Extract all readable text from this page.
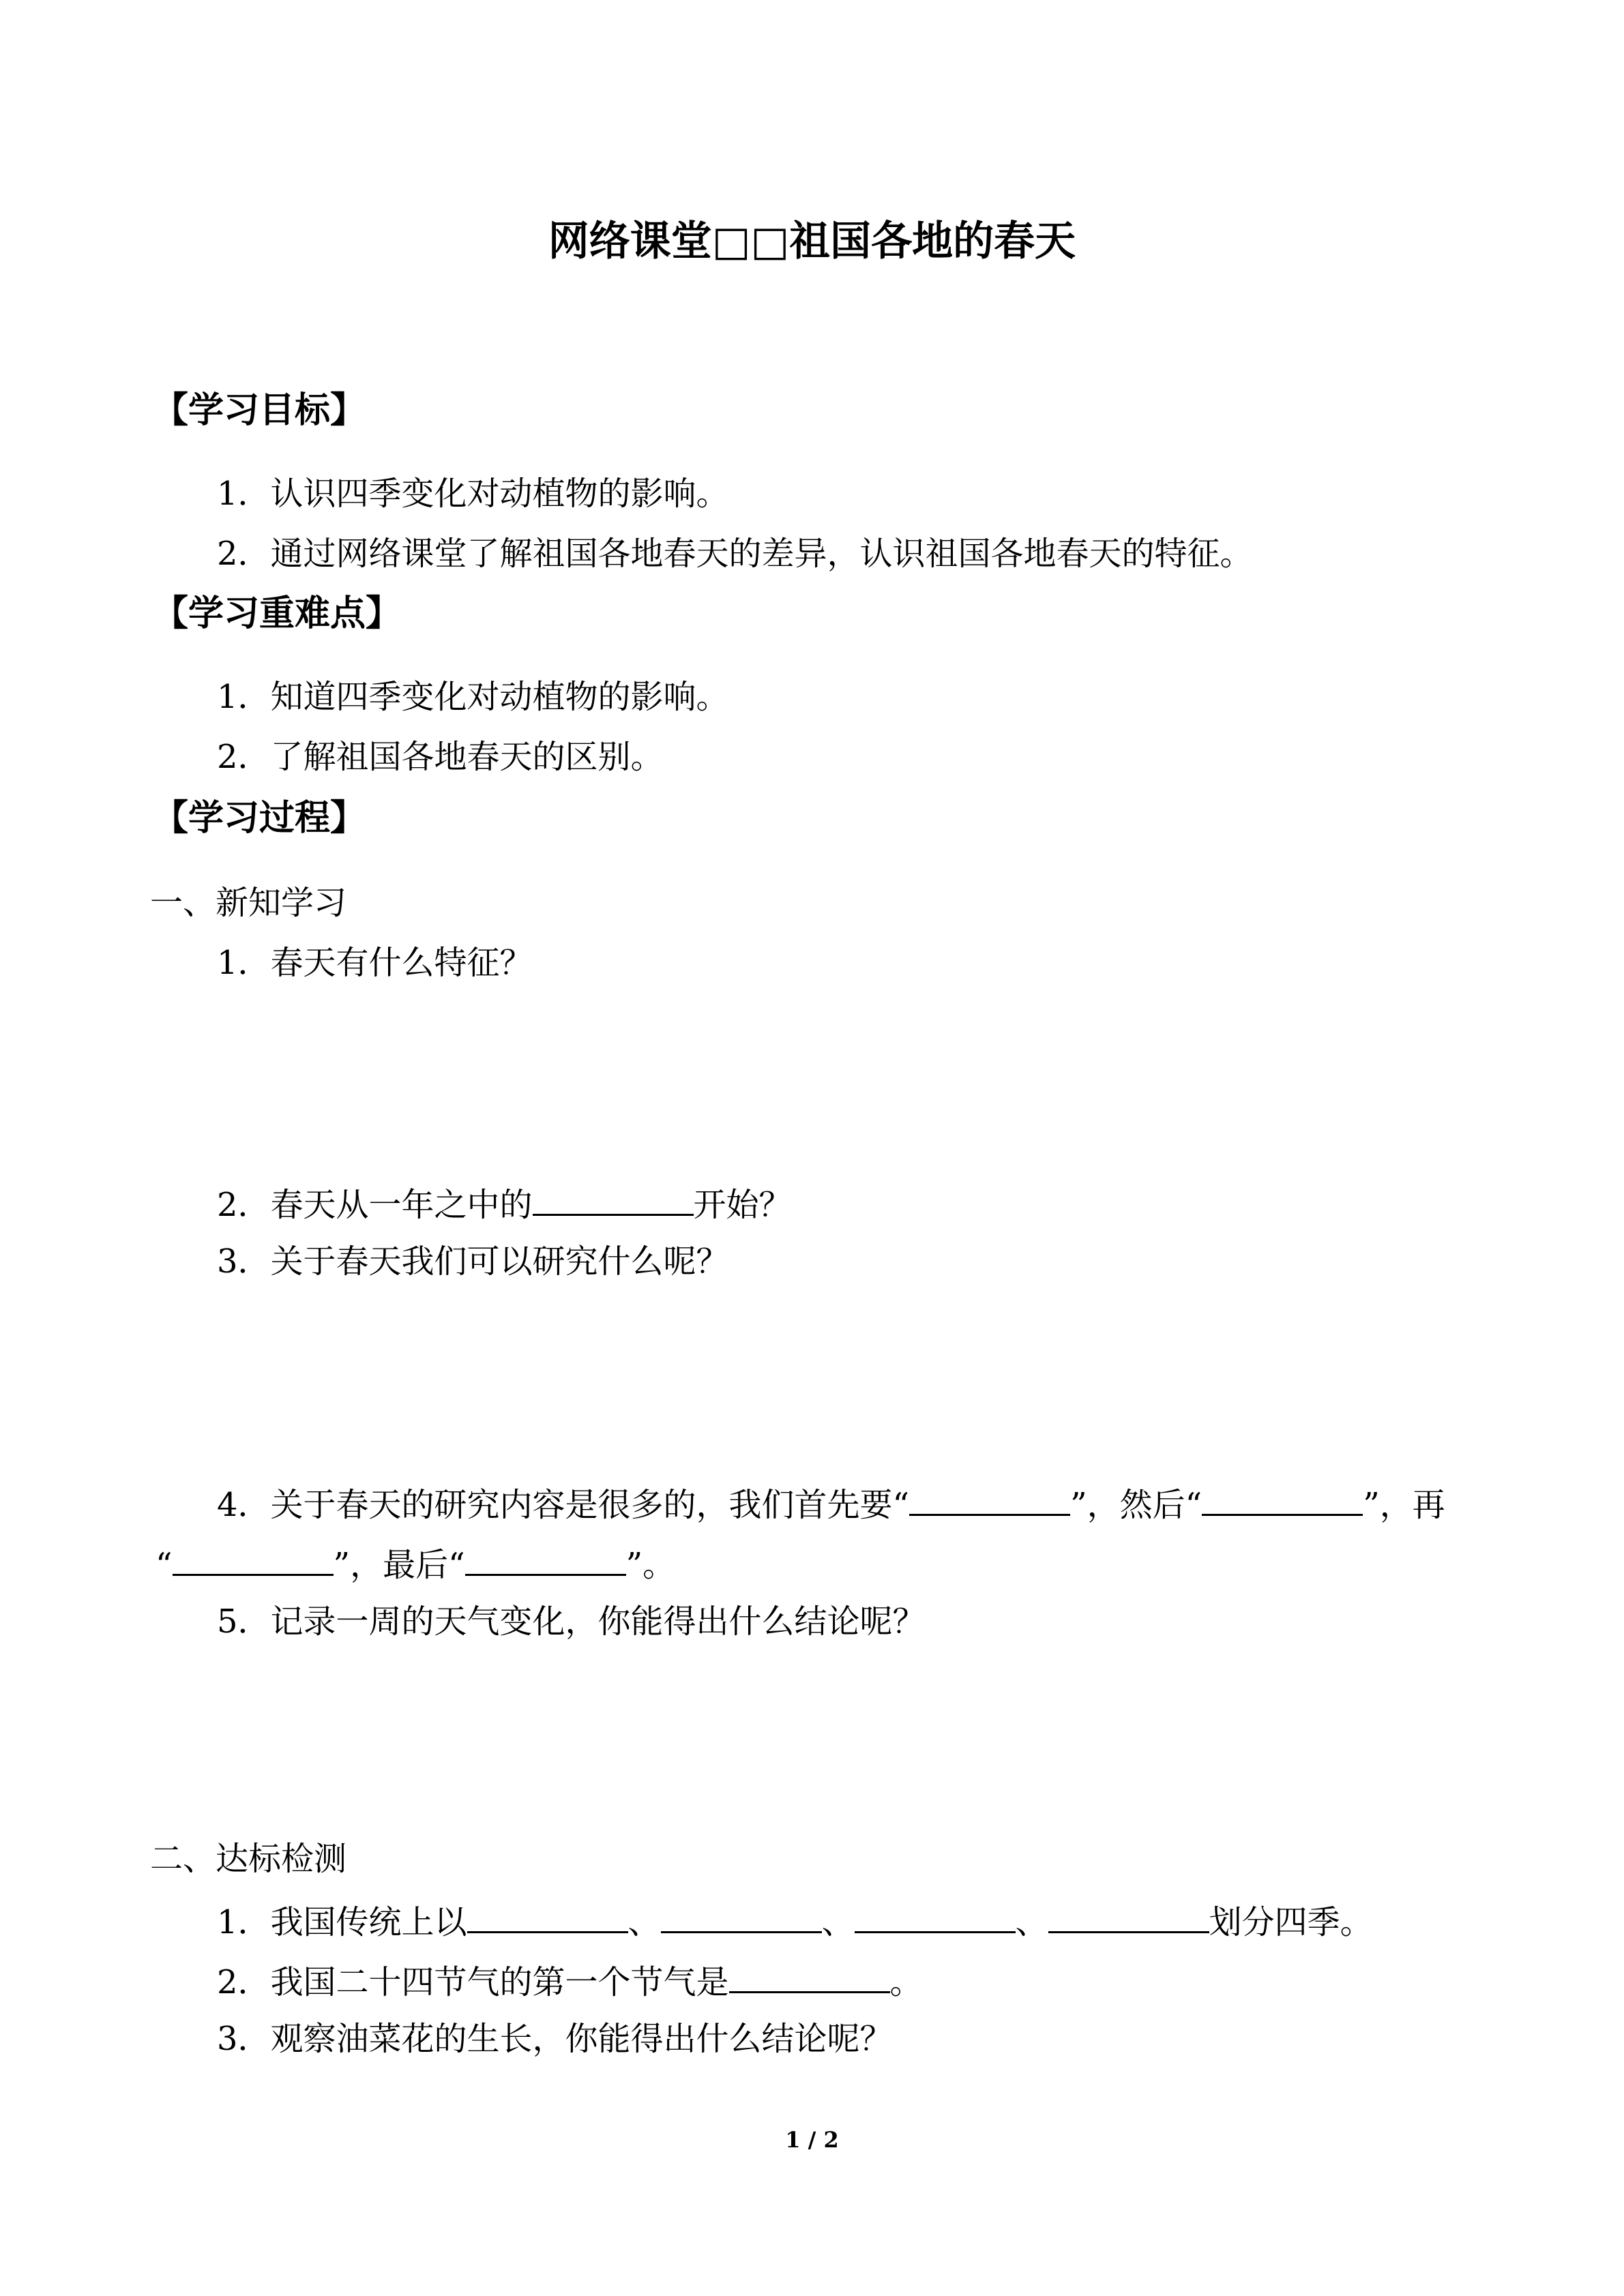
网络课堂□□祖国各地的春天
【学习目标】
1．认识四季变化对动植物的影响。
2．通过网络课堂了解祖国各地春天的差异，认识祖国各地春天的特征。
【学习重难点】
1．知道四季变化对动植物的影响。
2．了解祖国各地春天的区别。
【学习过程】
一、新知学习
1．春天有什么特征？
2．春天从一年之中的	开始？
3．关于春天我们可以研究什么呢？
4．关于春天的研究内容是很多的，我们首先要“	”，然后“	”，再
“	”，最后“	”。
5．记录一周的天气变化，你能得出什么结论呢？
二、达标检测
1．我国传统上以	、	、	、	划分四季。
2．我国二十四节气的第一个节气是	。
3．观察油菜花的生长，你能得出什么结论呢？
1 / 2
